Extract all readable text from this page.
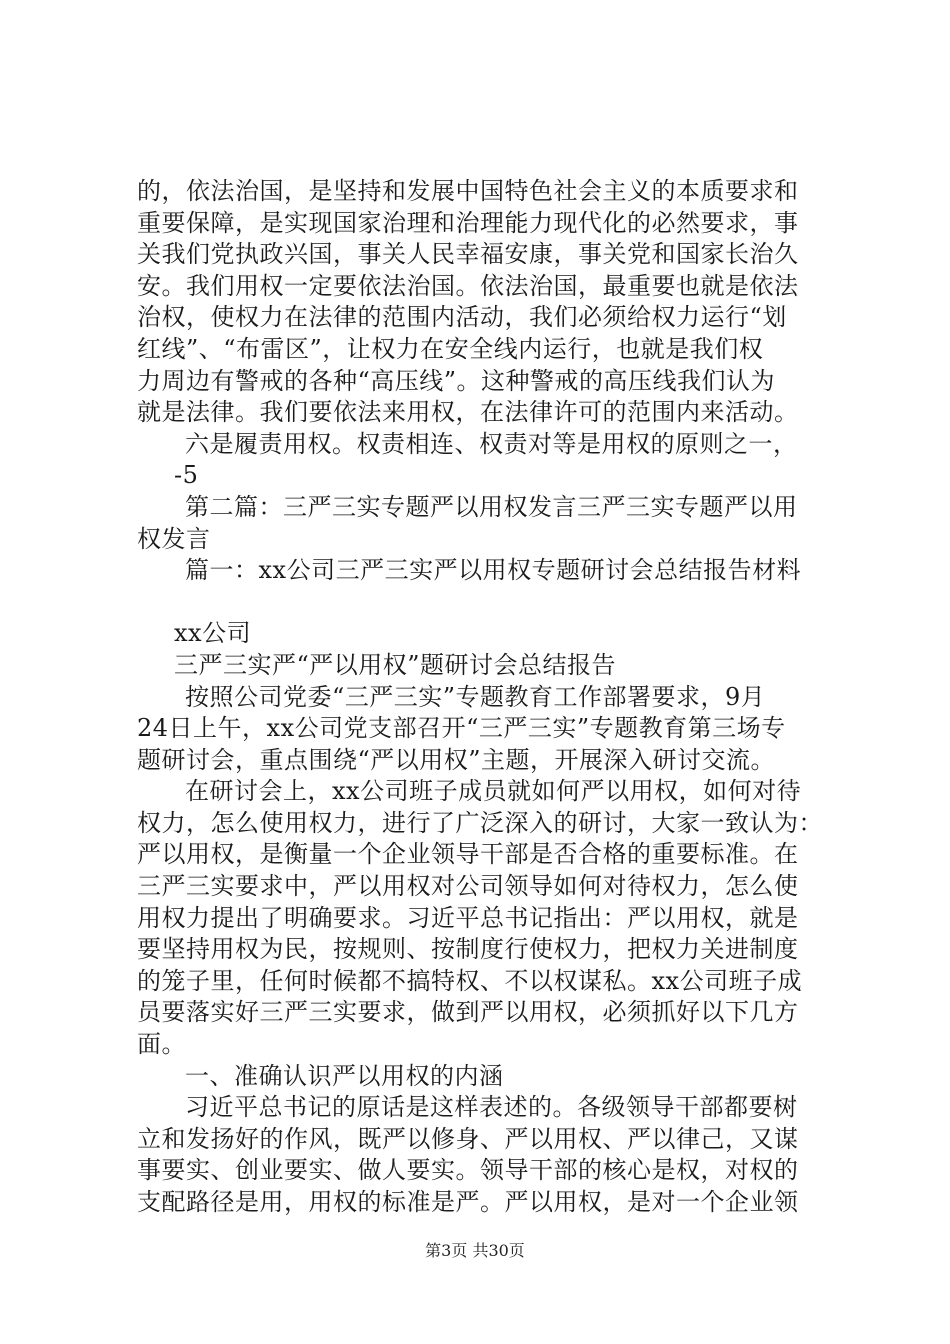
的，依法治国，是坚持和发展中国特色社会主义的本质要求和
重要保障，是实现国家治理和治理能力现代化的必然要求，事
关我们党执政兴国，事关人民幸福安康，事关党和国家长治久
安。我们用权一定要依法治国。依法治国，最重要也就是依法
治权，使权力在法律的范围内活动，我们必须给权力运行“划
红线”、“布雷区”，让权力在安全线内运行，也就是我们权
力周边有警戒的各种“高压线”。这种警戒的高压线我们认为
就是法律。我们要依法来用权，在法律许可的范围内来活动。
六是履责用权。权责相连、权责对等是用权的原则之一，
-5
第二篇：三严三实专题严以用权发言三严三实专题严以用
权发言
篇一：xx公司三严三实严以用权专题研讨会总结报告材料
xx公司
三严三实严“严以用权”题研讨会总结报告
按照公司党委“三严三实”专题教育工作部署要求，9月
24日上午，xx公司党支部召开“三严三实”专题教育第三场专
题研讨会，重点围绕“严以用权”主题，开展深入研讨交流。
在研讨会上，xx公司班子成员就如何严以用权，如何对待
权力，怎么使用权力，进行了广泛深入的研讨，大家一致认为：
严以用权，是衡量一个企业领导干部是否合格的重要标准。在
三严三实要求中，严以用权对公司领导如何对待权力，怎么使
用权力提出了明确要求。习近平总书记指出：严以用权，就是
要坚持用权为民，按规则、按制度行使权力，把权力关进制度
的笼子里，任何时候都不搞特权、不以权谋私。xx公司班子成
员要落实好三严三实要求，做到严以用权，必须抓好以下几方
面。
一、准确认识严以用权的内涵
习近平总书记的原话是这样表述的。各级领导干部都要树
立和发扬好的作风，既严以修身、严以用权、严以律己，又谋
事要实、创业要实、做人要实。领导干部的核心是权，对权的
支配路径是用，用权的标准是严。严以用权，是对一个企业领
第3页 共30页
